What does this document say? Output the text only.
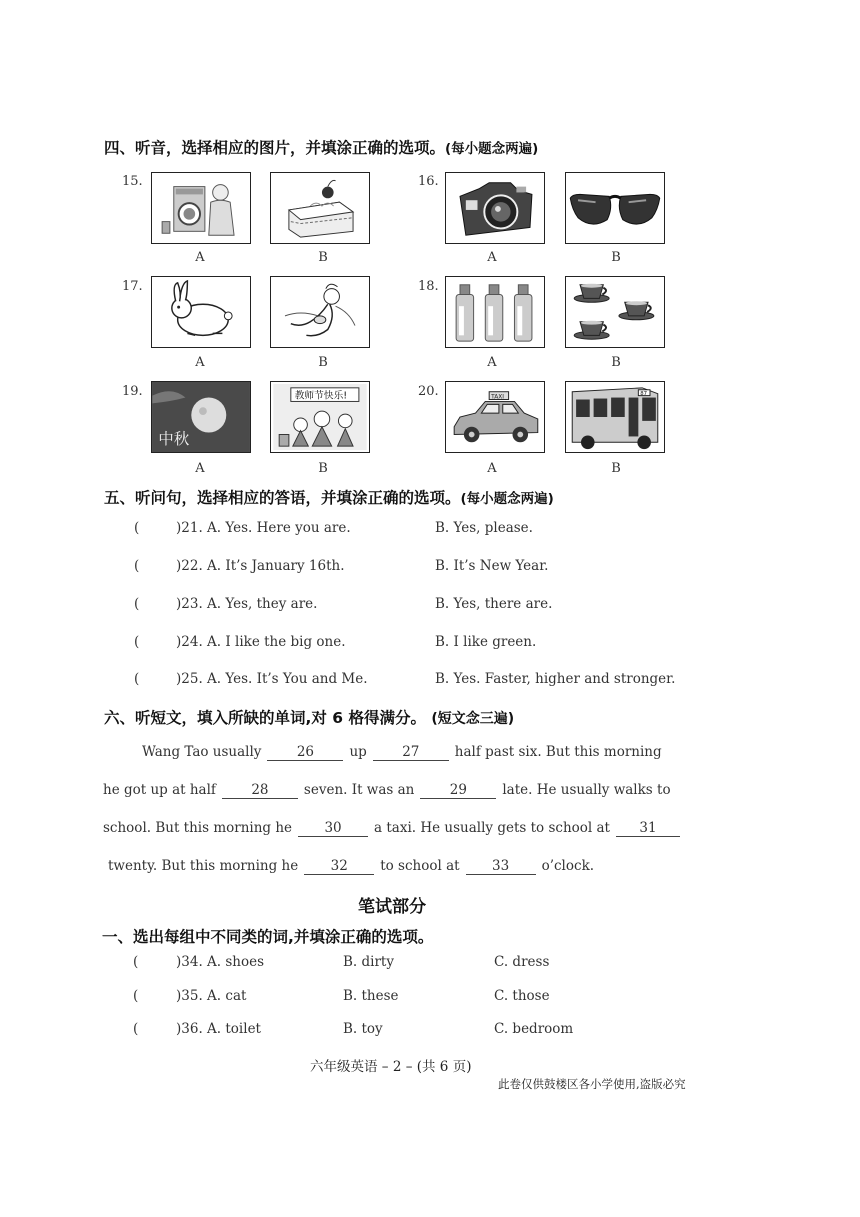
四、听音，选择相应的图片，并填涂正确的选项。(每小题念两遍)
15.
A	B
16.
A	B
17.
A	B
18.
A	B
19.
中秋
教师节快乐!
A	B
20.	TAXI
87
A	B
五、听问句，选择相应的答语，并填涂正确的选项。(每小题念两遍)
(	)21. A. Yes. Here you are.	B. Yes, please.
(	)22. A. It’s January 16th.	B. It’s New Year.
(	)23. A. Yes, they are.	B. Yes, there are.
(	)24. A. I like the big one.	B. I like green.
(	)25. A. Yes. It’s You and Me.	B. Yes. Faster, higher and stronger.
六、听短文，填入所缺的单词,对 6 格得满分。 (短文念三遍)
Wang Tao usually	26	up	27	half past six. But this morning
he got up at half	28	seven. It was an	29	late. He usually walks to
school. But this morning he 30 a taxi. He usually gets to school at 31
twenty. But this morning he 32 to school at 33 o’clock.
笔试部分
一、选出每组中不同类的词,并填涂正确的选项。
(	)34. A. shoes	B. dirty	C. dress
(	)35. A. cat	B. these	C. those
(	)36. A. toilet	B. toy	C. bedroom
六年级英语 – 2 – (共 6 页)
此卷仅供鼓楼区各小学使用,盗版必究
